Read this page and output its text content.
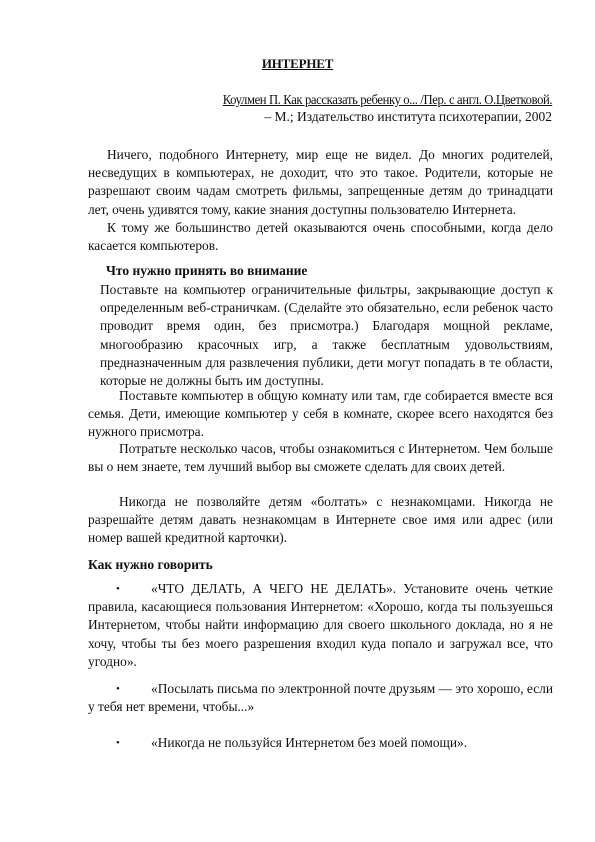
ИНТЕРНЕТ

Коулмен П. Как рассказать ребенку о... /Пер. с англ. О.Цветковой.

– М.; Издательство института психотерапии, 2002

Ничего, подобного Интернету, мир еще не видел. До многих родителей, несведущих в компьютерах, не доходит, что это такое. Родители, которые не разрешают своим чадам смотреть фильмы, запрещенные детям до тринадцати лет, очень удивятся тому, какие знания доступны пользователю Интернета.

К тому же большинство детей оказываются очень способными, когда дело касается компьютеров.

Что нужно принять во внимание

Поставьте на компьютер ограничительные фильтры, закрывающие доступ к определенным веб-страничкам. (Сделайте это обязательно, если ребенок часто проводит время один, без присмотра.) Благодаря мощной рекламе, многообразию красочных игр, а также бесплатным удовольствиям, предназначенным для развлечения публики, дети могут попадать в те области, которые не должны быть им доступны.

Поставьте компьютер в общую комнату или там, где собирается вместе вся семья. Дети, имеющие компьютер у себя в комнате, скорее всего находятся без нужного присмотра.

Потратьте несколько часов, чтобы ознакомиться с Интернетом. Чем больше вы о нем знаете, тем лучший выбор вы сможете сделать для своих детей.

Никогда не позволяйте детям «болтать» с незнакомцами. Никогда не разрешайте детям давать незнакомцам в Интернете свое имя или адрес (или номер вашей кредитной карточки).

Как нужно говорить

•	«ЧТО ДЕЛАТЬ, А ЧЕГО НЕ ДЕЛАТЬ». Установите очень четкие правила, касающиеся пользования Интернетом: «Хорошо, когда ты пользуешься Интернетом, чтобы найти информацию для своего школьного доклада, но я не хочу, чтобы ты без моего разрешения входил куда попало и загружал все, что угодно».
•	«Посылать письма по электронной почте друзьям — это хорошо, если у тебя нет времени, чтобы...»
•	«Никогда не пользуйся Интернетом без моей помощи».
